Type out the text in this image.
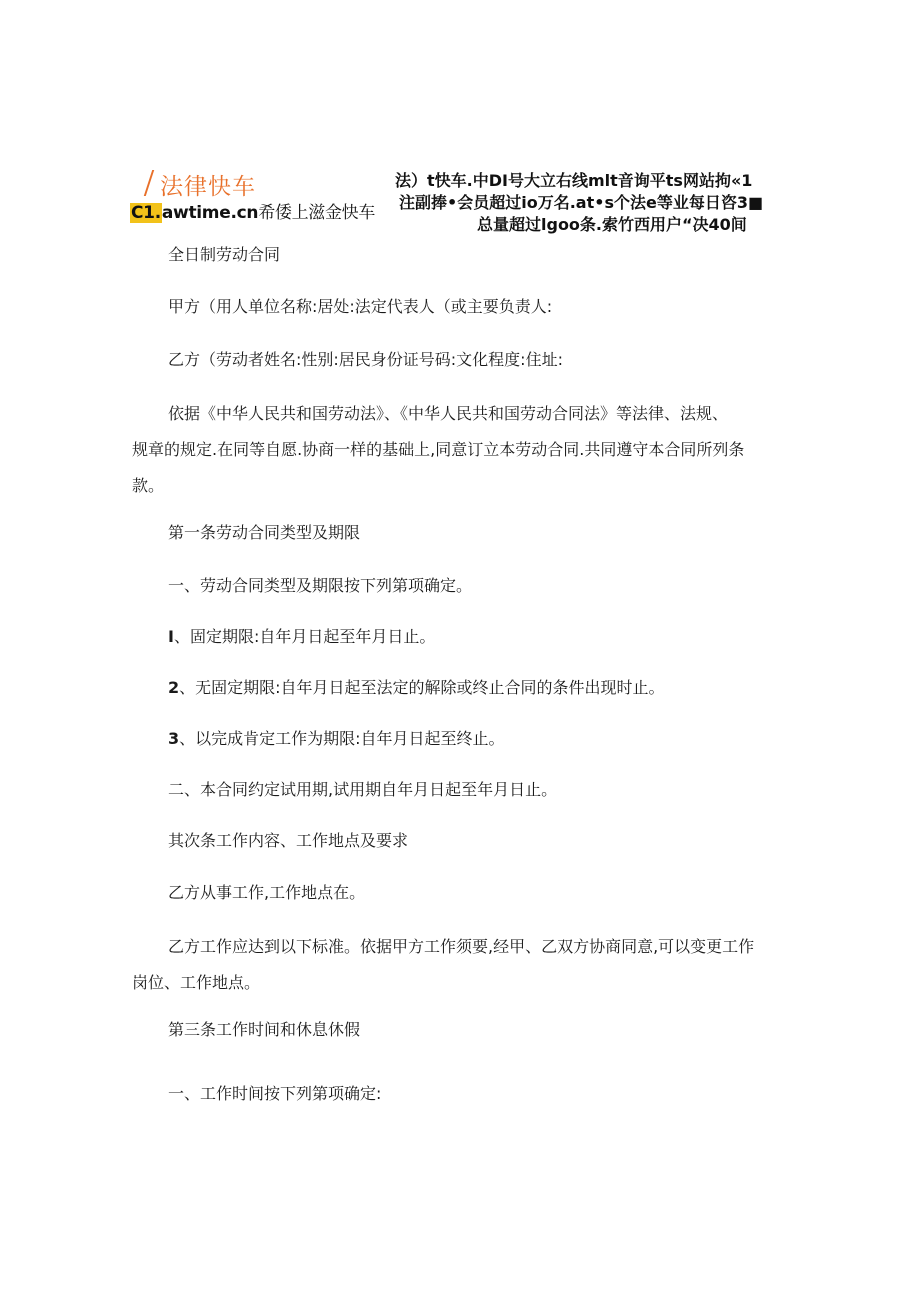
法律快车
C1.awtime.cn希倭上滋金快车
法）t快车.中DI号大立右线mlt音询平ts网站拘«1
注副捧•会员超过io万名.at•s个法e等业每日咨3■
总量超过lgoo条.索竹西用户“决40间
全日制劳动合同
甲方（用人单位名称:居处:法定代表人（或主要负责人:
乙方（劳动者姓名:性别:居民身份证号码:文化程度:住址:
依据《中华人民共和国劳动法》、《中华人民共和国劳动合同法》等法律、法规、
规章的规定.在同等自愿.协商一样的基础上,同意订立本劳动合同.共同遵守本合同所列条
款。
第一条劳动合同类型及期限
一、劳动合同类型及期限按下列第项确定。
I、固定期限:自年月日起至年月日止。
2、无固定期限:自年月日起至法定的解除或终止合同的条件出现时止。
3、以完成肯定工作为期限:自年月日起至终止。
二、本合同约定试用期,试用期自年月日起至年月日止。
其次条工作内容、工作地点及要求
乙方从事工作,工作地点在。
乙方工作应达到以下标准。依据甲方工作须要,经甲、乙双方协商同意,可以变更工作
岗位、工作地点。
第三条工作时间和休息休假
一、工作时间按下列第项确定:
